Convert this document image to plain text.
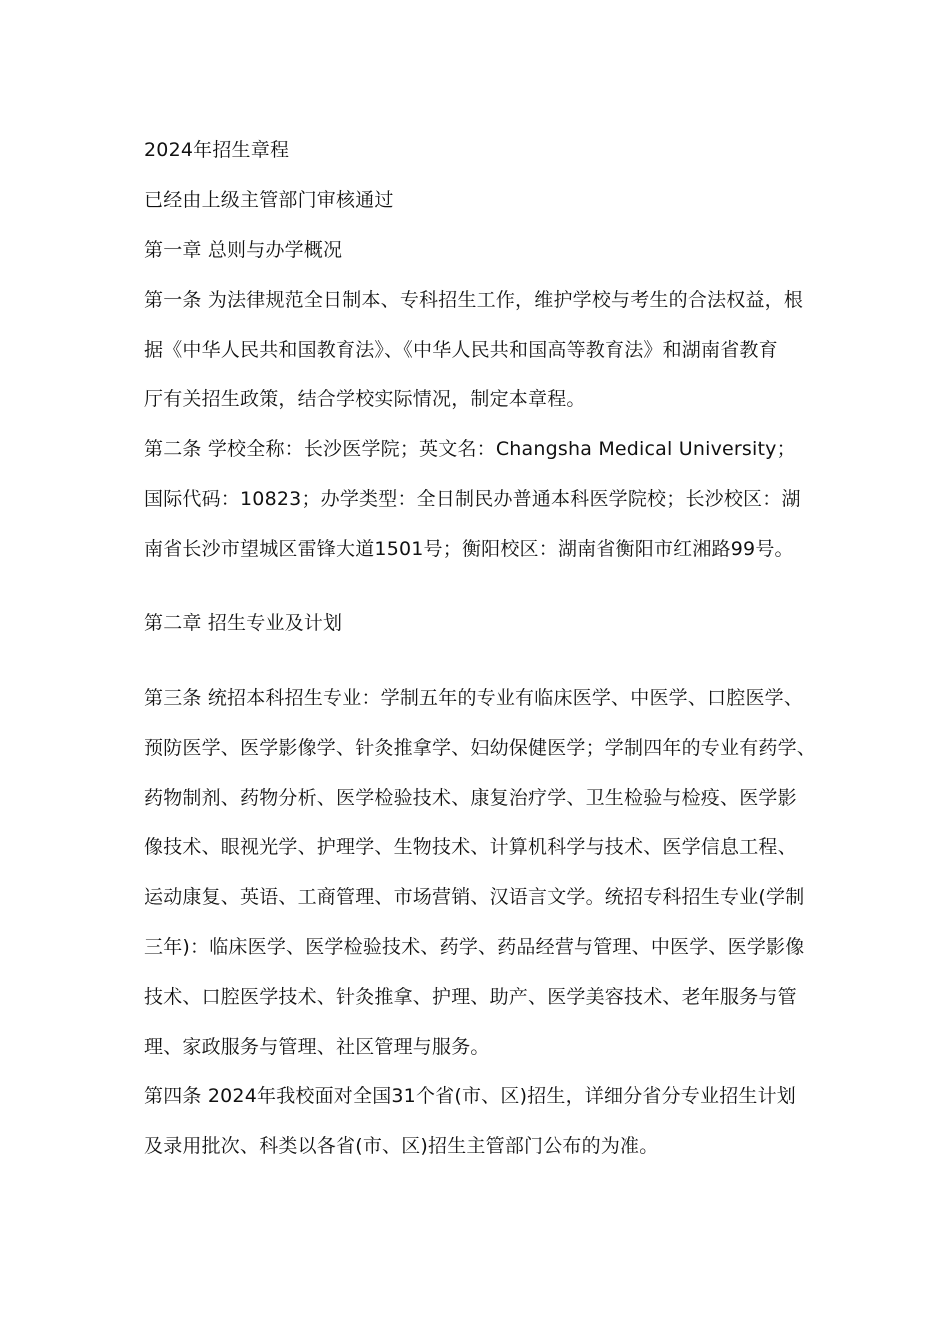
2024年招生章程
已经由上级主管部门审核通过
第一章 总则与办学概况
第一条 为法律规范全日制本、专科招生工作，维护学校与考生的合法权益，根
据《中华人民共和国教育法》、《中华人民共和国高等教育法》和湖南省教育
厅有关招生政策，结合学校实际情况，制定本章程。
第二条 学校全称：长沙医学院；英文名：Changsha Medical University；
国际代码：10823；办学类型：全日制民办普通本科医学院校；长沙校区：湖
南省长沙市望城区雷锋大道1501号；衡阳校区：湖南省衡阳市红湘路99号。
第二章 招生专业及计划
第三条 统招本科招生专业：学制五年的专业有临床医学、中医学、口腔医学、
预防医学、医学影像学、针灸推拿学、妇幼保健医学；学制四年的专业有药学、
药物制剂、药物分析、医学检验技术、康复治疗学、卫生检验与检疫、医学影
像技术、眼视光学、护理学、生物技术、计算机科学与技术、医学信息工程、
运动康复、英语、工商管理、市场营销、汉语言文学。统招专科招生专业(学制
三年)：临床医学、医学检验技术、药学、药品经营与管理、中医学、医学影像
技术、口腔医学技术、针灸推拿、护理、助产、医学美容技术、老年服务与管
理、家政服务与管理、社区管理与服务。
第四条 2024年我校面对全国31个省(市、区)招生，详细分省分专业招生计划
及录用批次、科类以各省(市、区)招生主管部门公布的为准。
